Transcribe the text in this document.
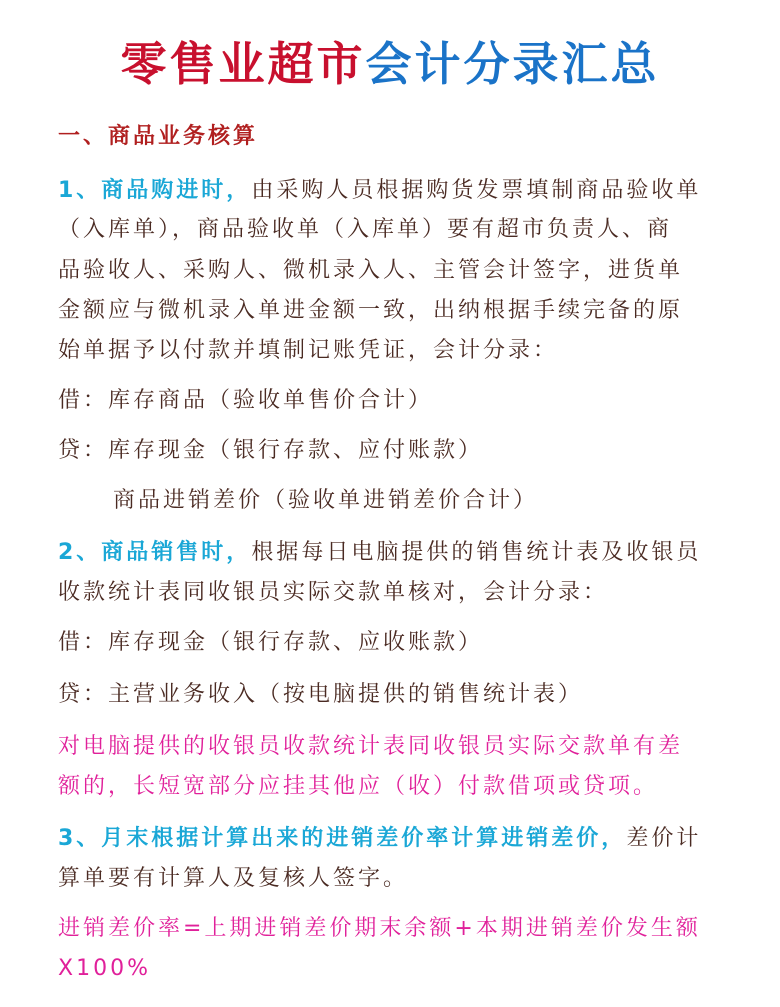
零售业超市会计分录汇总
一、商品业务核算
1、商品购进时，由采购人员根据购货发票填制商品验收单
（入库单），商品验收单（入库单）要有超市负责人、商
品验收人、采购人、微机录入人、主管会计签字，进货单
金额应与微机录入单进金额一致，出纳根据手续完备的原
始单据予以付款并填制记账凭证，会计分录：
借：库存商品（验收单售价合计）
贷：库存现金（银行存款、应付账款）
商品进销差价（验收单进销差价合计）
2、商品销售时，根据每日电脑提供的销售统计表及收银员
收款统计表同收银员实际交款单核对，会计分录：
借：库存现金（银行存款、应收账款）
贷：主营业务收入（按电脑提供的销售统计表）
对电脑提供的收银员收款统计表同收银员实际交款单有差
额的，长短宽部分应挂其他应（收）付款借项或贷项。
3、月末根据计算出来的进销差价率计算进销差价，差价计
算单要有计算人及复核人签字。
进销差价率=上期进销差价期末余额+本期进销差价发生额
X100%
